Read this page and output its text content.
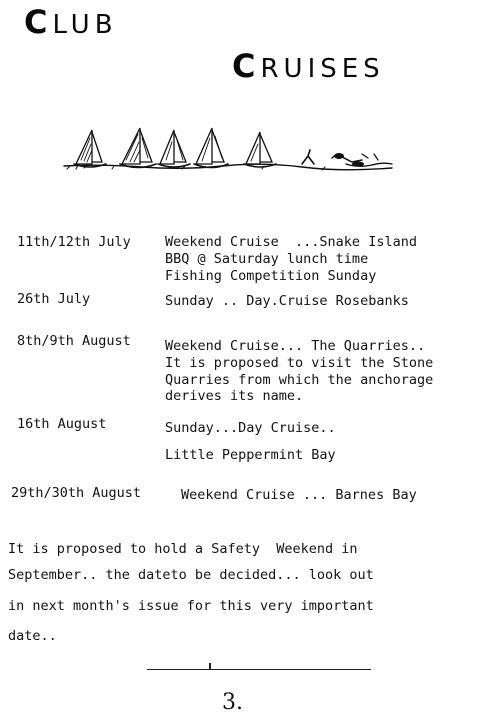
CLUB
CRUISES
11th/12th July	Weekend Cruise  ...Snake Island
BBQ @ Saturday lunch time
Fishing Competition Sunday
26th July	Sunday .. Day.Cruise Rosebanks
8th/9th August	Weekend Cruise... The Quarries..
It is proposed to visit the Stone
Quarries from which the anchorage
derives its name.
16th August	Sunday...Day Cruise..
Little Peppermint Bay
29th/30th August	Weekend Cruise ... Barnes Bay
It is proposed to hold a Safety  Weekend in
September.. the dateto be decided... look out
in next month's issue for this very important
date..
3.
